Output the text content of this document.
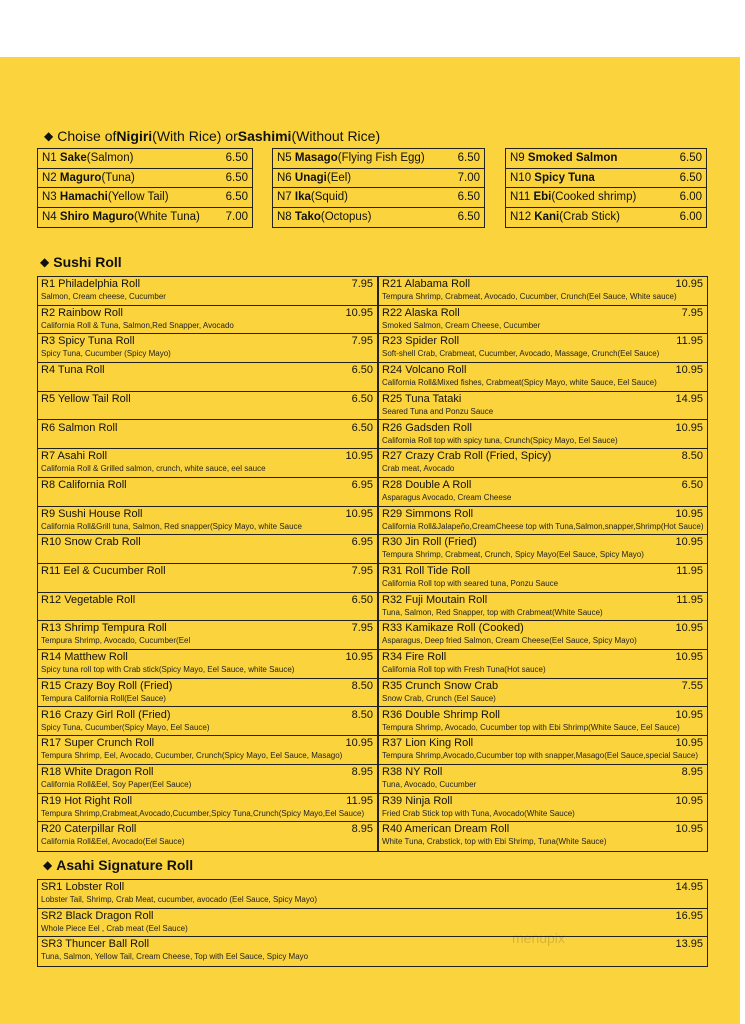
◆ Choise of Nigiri (With Rice) or Sashimi (Without Rice)
N1 Sake(Salmon)	6.50
N2 Maguro(Tuna)	6.50
N3 Hamachi(Yellow Tail)	6.50
N4 Shiro Maguro(White Tuna)	7.00
N5 Masago(Flying Fish Egg)	6.50
N6 Unagi(Eel)	7.00
N7 Ika(Squid)	6.50
N8 Tako(Octopus)	6.50
N9 Smoked Salmon	6.50
N10 Spicy Tuna	6.50
N11 Ebi(Cooked shrimp)	6.00
N12 Kani(Crab Stick)	6.00
◆ Sushi Roll
R1 Philadelphia Roll	7.95
Salmon, Cream cheese, Cucumber
R2 Rainbow Roll	10.95
California Roll & Tuna, Salmon,Red Snapper, Avocado
R3 Spicy Tuna Roll	7.95
Spicy Tuna, Cucumber (Spicy Mayo)
R4 Tuna Roll	6.50
R5 Yellow Tail Roll	6.50
R6 Salmon Roll	6.50
R7 Asahi Roll	10.95
California Roll & Grilled salmon, crunch, white sauce, eel sauce
R8 California Roll	6.95
R9 Sushi House Roll	10.95
California Roll&Grill tuna, Salmon, Red snapper(Spicy Mayo, white Sauce
R10 Snow Crab Roll	6.95
R11 Eel & Cucumber Roll	7.95
R12 Vegetable Roll	6.50
R13 Shrimp Tempura Roll	7.95
Tempura Shrimp, Avocado, Cucumber(Eel
R14 Matthew Roll	10.95
Spicy tuna roll top with Crab stick(Spicy Mayo, Eel Sauce, white Sauce)
R15 Crazy Boy Roll (Fried)	8.50
Tempura California Roll(Eel Sauce)
R16 Crazy Girl Roll (Fried)	8.50
Spicy Tuna, Cucumber(Spicy Mayo, Eel Sauce)
R17 Super Crunch Roll	10.95
Tempura Shrimp, Eel, Avocado, Cucumber, Crunch(Spicy Mayo, Eel Sauce, Masago)
R18 White Dragon Roll	8.95
California Roll&Eel, Soy Paper(Eel Sauce)
R19 Hot Right Roll	11.95
Tempura Shrimp,Crabmeat,Avocado,Cucumber,Spicy Tuna,Crunch(Spicy Mayo,Eel Sauce)
R20 Caterpillar Roll	8.95
California Roll&Eel, Avocado(Eel Sauce)
R21 Alabama Roll	10.95
Tempura Shrimp, Crabmeat, Avocado, Cucumber, Crunch(Eel Sauce, White sauce)
R22 Alaska Roll	7.95
Smoked Salmon, Cream Cheese, Cucumber
R23 Spider Roll	11.95
Soft-shell Crab, Crabmeat, Cucumber, Avocado, Massage, Crunch(Eel Sauce)
R24 Volcano Roll	10.95
California Roll&Mixed fishes, Crabmeat(Spicy Mayo, white Sauce, Eel Sauce)
R25 Tuna Tataki	14.95
Seared Tuna and Ponzu Sauce
R26 Gadsden Roll	10.95
California Roll top with spicy tuna, Crunch(Spicy Mayo, Eel Sauce)
R27 Crazy Crab Roll (Fried, Spicy)	8.50
Crab meat, Avocado
R28 Double A Roll	6.50
Asparagus Avocado, Cream Cheese
R29 Simmons Roll	10.95
California Roll&Jalapeño,CreamCheese top with Tuna,Salmon,snapper,Shrimp(Hot Sauce)
R30 Jin Roll (Fried)	10.95
Tempura Shrimp, Crabmeat, Crunch, Spicy Mayo(Eel Sauce, Spicy Mayo)
R31 Roll Tide Roll	11.95
California Roll top with seared tuna, Ponzu Sauce
R32 Fuji Moutain Roll	11.95
Tuna, Salmon, Red Snapper, top with Crabmeat(White Sauce)
R33 Kamikaze Roll (Cooked)	10.95
Asparagus, Deep fried Salmon, Cream Cheese(Eel Sauce, Spicy Mayo)
R34 Fire Roll	10.95
California Roll top with Fresh Tuna(Hot sauce)
R35 Crunch Snow Crab	7.55
Snow Crab, Crunch (Eel Sauce)
R36 Double Shrimp Roll	10.95
Tempura Shrimp, Avocado, Cucumber top with Ebi Shrimp(White Sauce, Eel Sauce)
R37 Lion King Roll	10.95
Tempura Shrimp,Avocado,Cucumber top with snapper,Masago(Eel Sauce,special Sauce)
R38 NY Roll	8.95
Tuna, Avocado, Cucumber
R39 Ninja Roll	10.95
Fried Crab Stick top with Tuna, Avocado(White Sauce)
R40 American Dream Roll	10.95
White Tuna, Crabstick, top with Ebi Shrimp, Tuna(White Sauce)
◆ Asahi Signature Roll
SR1 Lobster Roll	14.95
Lobster Tail, Shrimp, Crab Meat, cucumber, avocado (Eel Sauce, Spicy Mayo)
SR2 Black Dragon Roll	16.95
Whole Piece Eel , Crab meat (Eel Sauce)
SR3 Thuncer Ball Roll	13.95
Tuna, Salmon, Yellow Tail, Cream Cheese, Top with Eel Sauce, Spicy Mayo
menupix
